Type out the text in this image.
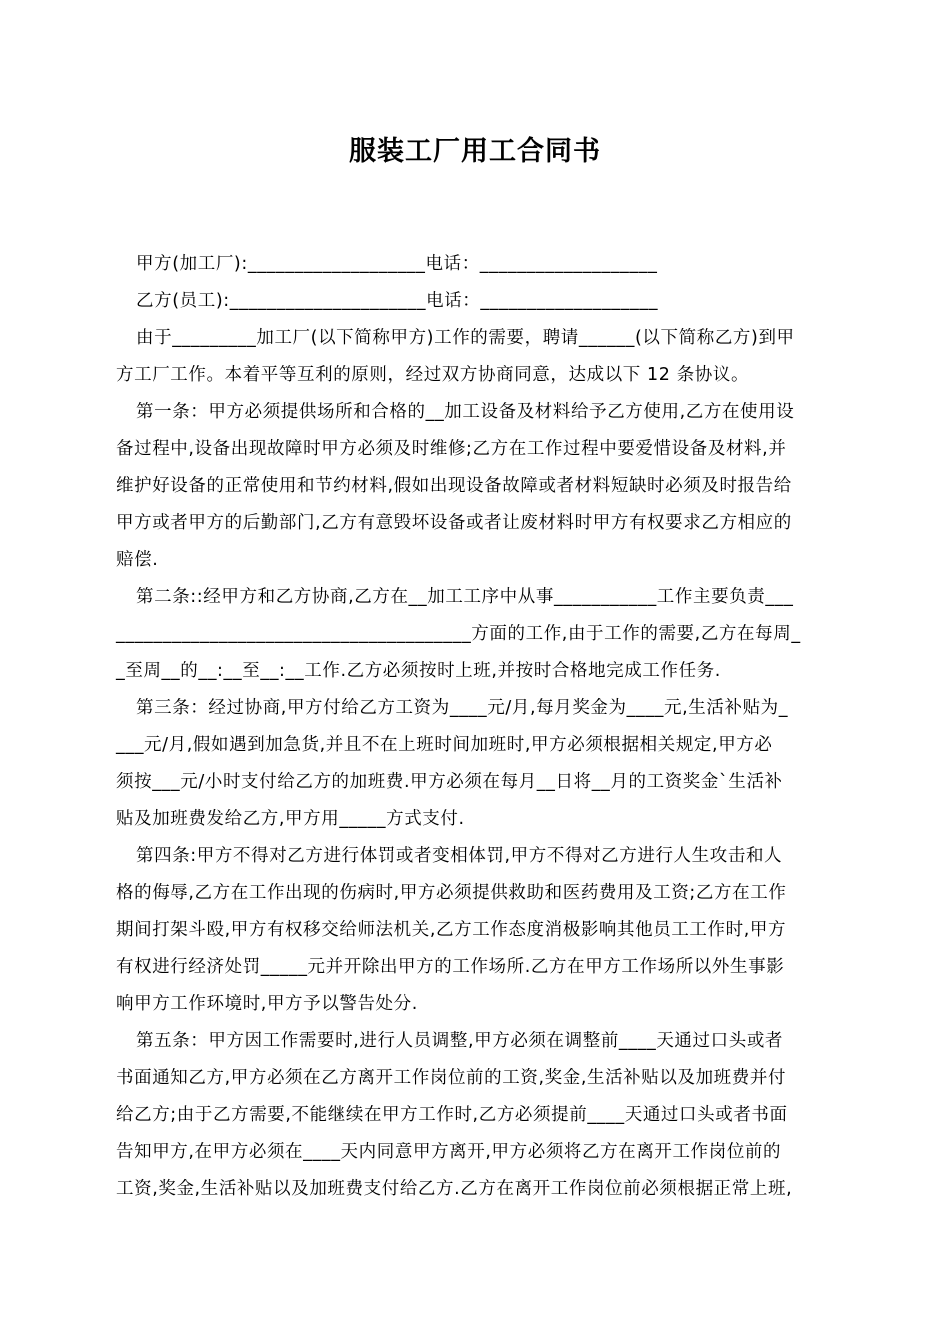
服装工厂用工合同书
甲方(加工厂):___________________电话：___________________
乙方(员工):_____________________电话：___________________
由于_________加工厂(以下简称甲方)工作的需要，聘请______(以下简称乙方)到甲
方工厂工作。本着平等互利的原则，经过双方协商同意，达成以下 12 条协议。
第一条：甲方必须提供场所和合格的__加工设备及材料给予乙方使用,乙方在使用设
备过程中,设备出现故障时甲方必须及时维修;乙方在工作过程中要爱惜设备及材料,并
维护好设备的正常使用和节约材料,假如出现设备故障或者材料短缺时必须及时报告给
甲方或者甲方的后勤部门,乙方有意毁坏设备或者让废材料时甲方有权要求乙方相应的
赔偿.
第二条::经甲方和乙方协商,乙方在__加工工序中从事___________工作主要负责___
______________________________________方面的工作,由于工作的需要,乙方在每周_
_至周__的__:__至__:__工作.乙方必须按时上班,并按时合格地完成工作任务.
第三条：经过协商,甲方付给乙方工资为____元/月,每月奖金为____元,生活补贴为_
___元/月,假如遇到加急货,并且不在上班时间加班时,甲方必须根据相关规定,甲方必
须按___元/小时支付给乙方的加班费.甲方必须在每月__日将__月的工资奖金`生活补
贴及加班费发给乙方,甲方用_____方式支付.
第四条:甲方不得对乙方进行体罚或者变相体罚,甲方不得对乙方进行人生攻击和人
格的侮辱,乙方在工作出现的伤病时,甲方必须提供救助和医药费用及工资;乙方在工作
期间打架斗殴,甲方有权移交给师法机关,乙方工作态度消极影响其他员工工作时,甲方
有权进行经济处罚_____元并开除出甲方的工作场所.乙方在甲方工作场所以外生事影
响甲方工作环境时,甲方予以警告处分.
第五条：甲方因工作需要时,进行人员调整,甲方必须在调整前____天通过口头或者
书面通知乙方,甲方必须在乙方离开工作岗位前的工资,奖金,生活补贴以及加班费并付
给乙方;由于乙方需要,不能继续在甲方工作时,乙方必须提前____天通过口头或者书面
告知甲方,在甲方必须在____天内同意甲方离开,甲方必须将乙方在离开工作岗位前的
工资,奖金,生活补贴以及加班费支付给乙方.乙方在离开工作岗位前必须根据正常上班,
